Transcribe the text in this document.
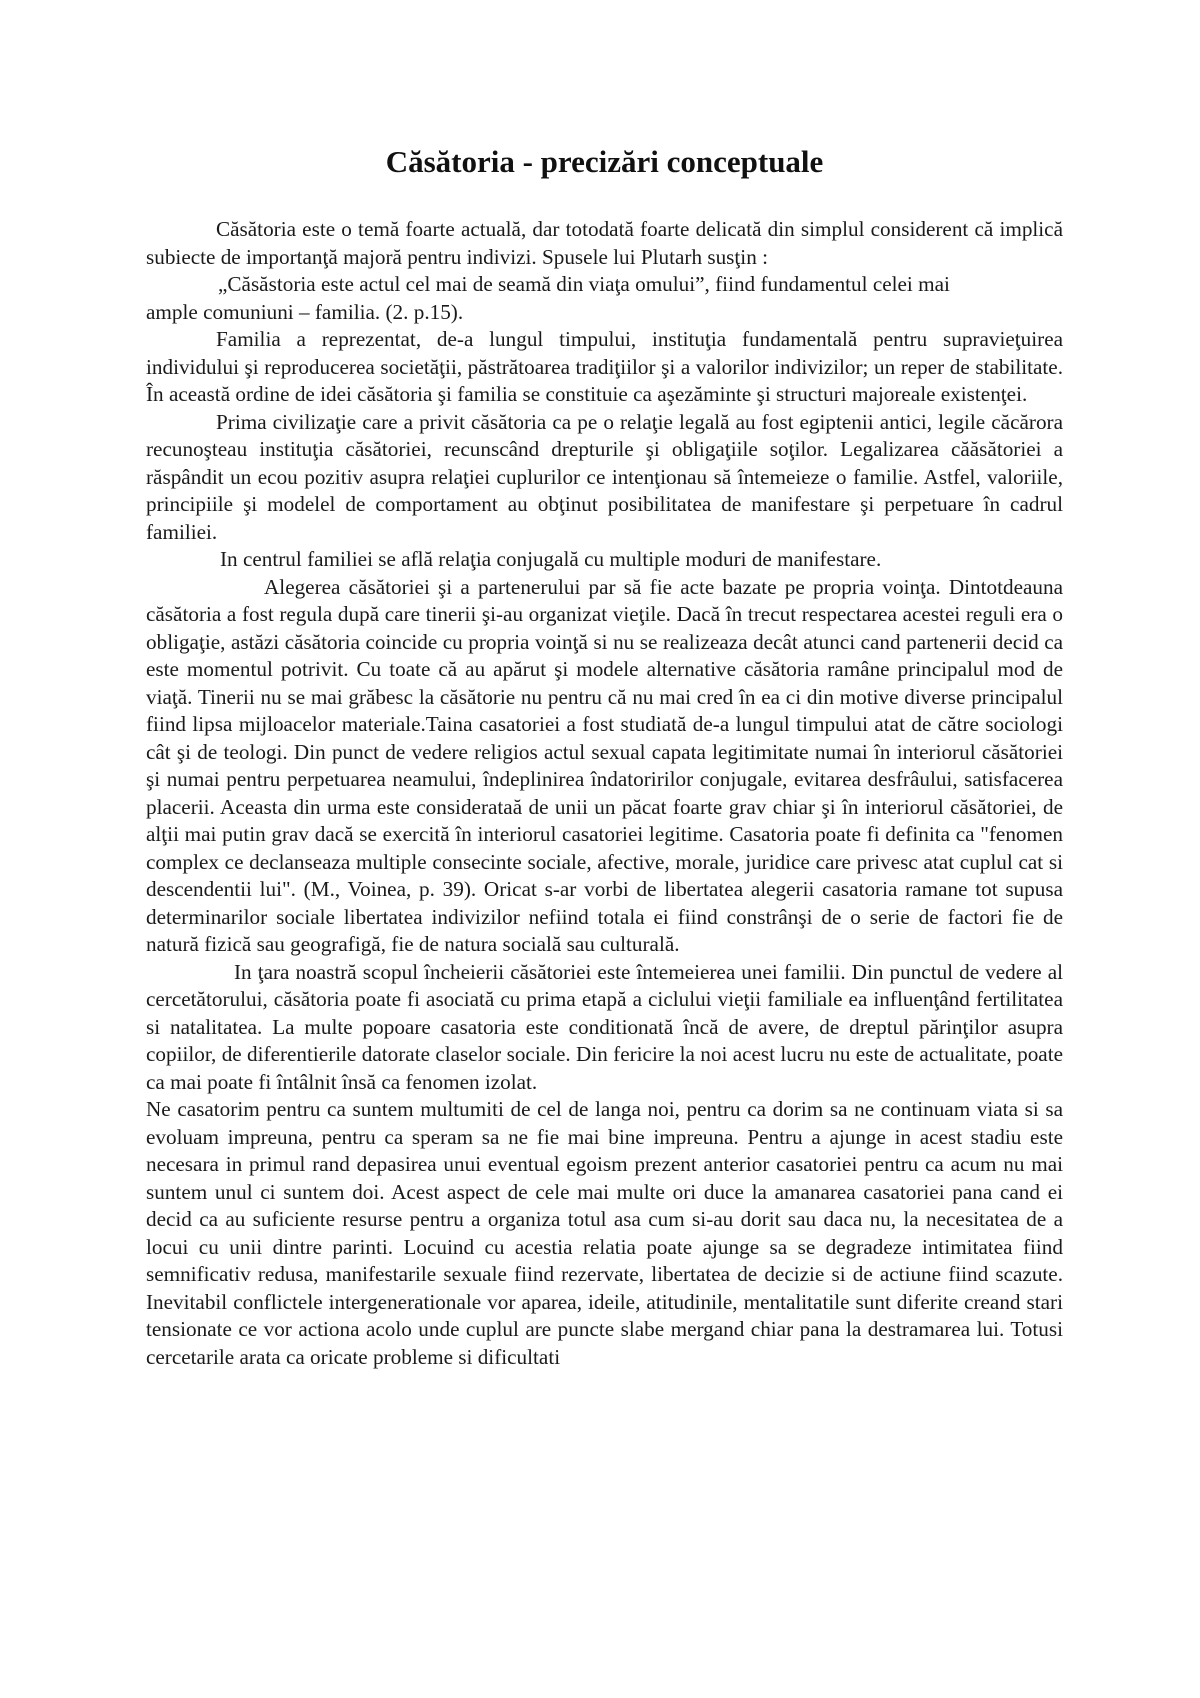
Căsătoria - precizări conceptuale

Căsătoria este o temă foarte actuală, dar totodată foarte delicată din simplul considerent că implică subiecte de importanţă majoră pentru indivizi. Spusele lui Plutarh susţin :

„Căsăstoria este actul cel mai de seamă din viaţa omului”, fiind fundamentul celei mai

ample comuniuni – familia. (2. p.15).

Familia a reprezentat, de-a lungul timpului, instituţia fundamentală pentru supravieţuirea individului şi reproducerea societăţii, păstrătoarea tradiţiilor şi a valorilor indivizilor; un reper de stabilitate. În această ordine de idei căsătoria şi familia se constituie ca aşezăminte şi structuri majoreale existenţei.

Prima civilizaţie care a privit căsătoria ca pe o relaţie legală au fost egiptenii antici, legile căcărora recunoşteau instituţia căsătoriei, recunscând drepturile şi obligaţiile soţilor. Legalizarea căăsătoriei a răspândit un ecou pozitiv asupra relaţiei cuplurilor ce intenţionau să întemeieze o familie. Astfel, valoriile, principiile şi modelel de comportament au obţinut posibilitatea de manifestare şi perpetuare în cadrul familiei.

In centrul familiei se află relaţia conjugală cu multiple moduri de manifestare.

Alegerea căsătoriei şi a partenerului par să fie acte bazate pe propria voinţa. Dintotdeauna căsătoria a fost regula după care tinerii şi-au organizat vieţile. Dacă în trecut respectarea acestei reguli era o obligaţie, astăzi căsătoria coincide cu propria voinţă si nu se realizeaza decât atunci cand partenerii decid ca este momentul potrivit. Cu toate că au apărut şi modele alternative căsătoria ramâne principalul mod de viaţă. Tinerii nu se mai grăbesc la căsătorie nu pentru că nu mai cred în ea ci din motive diverse principalul fiind lipsa mijloacelor materiale.Taina casatoriei a fost studiată de-a lungul timpului atat de către sociologi cât şi de teologi. Din punct de vedere religios actul sexual capata legitimitate numai în interiorul căsătoriei şi numai pentru perpetuarea neamului, îndeplinirea îndatoririlor conjugale, evitarea desfrâului, satisfacerea placerii. Aceasta din urma este considerataă de unii un păcat foarte grav chiar şi în interiorul căsătoriei, de alţii mai putin grav dacă se exercită în interiorul casatoriei legitime. Casatoria poate fi definita ca "fenomen complex ce declanseaza multiple consecinte sociale, afective, morale, juridice care privesc atat cuplul cat si descendentii lui". (M., Voinea, p. 39). Oricat s-ar vorbi de libertatea alegerii casatoria ramane tot supusa determinarilor sociale libertatea indivizilor nefiind totala ei fiind constrânşi de o serie de factori fie de natură fizică sau geografigă, fie de natura socială sau culturală.

In ţara noastră scopul încheierii căsătoriei este întemeierea unei familii. Din punctul de vedere al cercetătorului, căsătoria poate fi asociată cu prima etapă a ciclului vieţii familiale ea influenţând fertilitatea si natalitatea. La multe popoare casatoria este conditionată încă de avere, de dreptul părinţilor asupra copiilor, de diferentierile datorate claselor sociale. Din fericire la noi acest lucru nu este de actualitate, poate ca mai poate fi întâlnit însă ca fenomen izolat.

Ne casatorim pentru ca suntem multumiti de cel de langa noi, pentru ca dorim sa ne continuam viata si sa evoluam impreuna, pentru ca speram sa ne fie mai bine impreuna. Pentru a ajunge in acest stadiu este necesara in primul rand depasirea unui eventual egoism prezent anterior casatoriei pentru ca acum nu mai suntem unul ci suntem doi. Acest aspect de cele mai multe ori duce la amanarea casatoriei pana cand ei decid ca au suficiente resurse pentru a organiza totul asa cum si-au dorit sau daca nu, la necesitatea de a locui cu unii dintre parinti. Locuind cu acestia relatia poate ajunge sa se degradeze intimitatea fiind semnificativ redusa, manifestarile sexuale fiind rezervate, libertatea de decizie si de actiune fiind scazute. Inevitabil conflictele intergenerationale vor aparea, ideile, atitudinile, mentalitatile sunt diferite creand stari tensionate ce vor actiona acolo unde cuplul are puncte slabe mergand chiar pana la destramarea lui. Totusi cercetarile arata ca oricate probleme si dificultati
